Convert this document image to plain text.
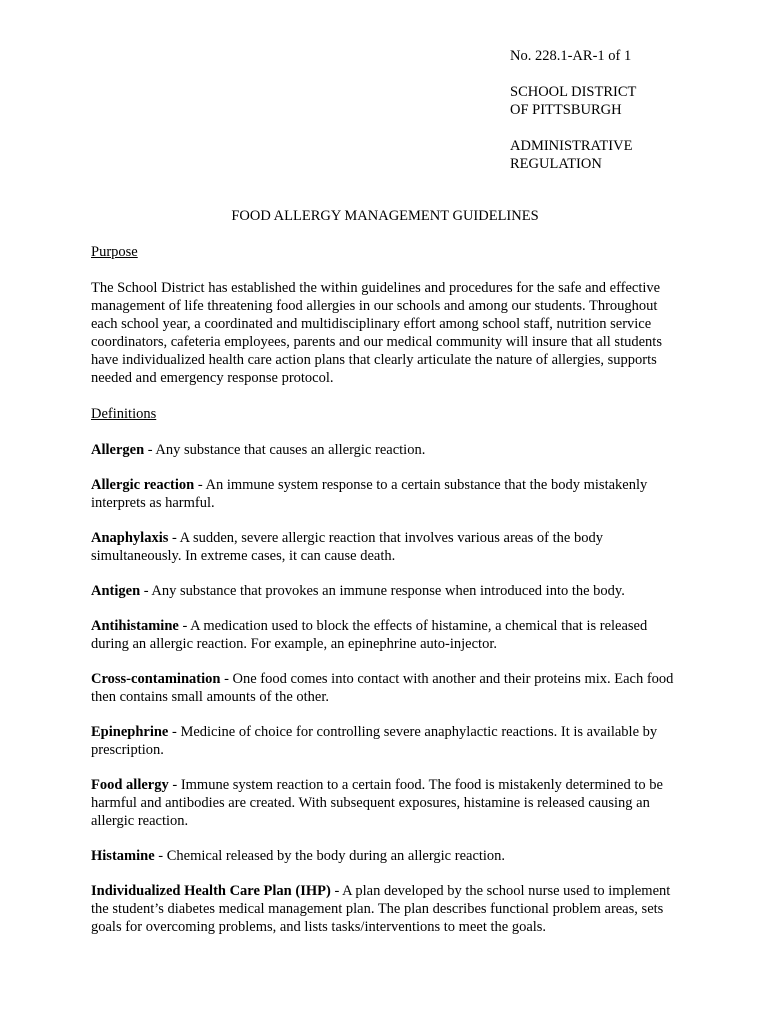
No. 228.1-AR-1 of 1
SCHOOL DISTRICT
OF PITTSBURGH
ADMINISTRATIVE
REGULATION
FOOD ALLERGY MANAGEMENT GUIDELINES
Purpose

The School District has established the within guidelines and procedures for the safe and effective management of life threatening food allergies in our schools and among our students. Throughout each school year, a coordinated and multidisciplinary effort among school staff, nutrition service coordinators, cafeteria employees, parents and our medical community will insure that all students have individualized health care action plans that clearly articulate the nature of allergies, supports needed and emergency response protocol.

Definitions
Allergen - Any substance that causes an allergic reaction.
Allergic reaction - An immune system response to a certain substance that the body mistakenly interprets as harmful.
Anaphylaxis - A sudden, severe allergic reaction that involves various areas of the body simultaneously. In extreme cases, it can cause death.
Antigen - Any substance that provokes an immune response when introduced into the body.
Antihistamine - A medication used to block the effects of histamine, a chemical that is released during an allergic reaction. For example, an epinephrine auto-injector.
Cross-contamination - One food comes into contact with another and their proteins mix. Each food then contains small amounts of the other.
Epinephrine - Medicine of choice for controlling severe anaphylactic reactions. It is available by prescription.
Food allergy - Immune system reaction to a certain food. The food is mistakenly determined to be harmful and antibodies are created. With subsequent exposures, histamine is released causing an allergic reaction.
Histamine - Chemical released by the body during an allergic reaction.
Individualized Health Care Plan (IHP) - A plan developed by the school nurse used to implement the student’s diabetes medical management plan. The plan describes functional problem areas, sets goals for overcoming problems, and lists tasks/interventions to meet the goals.
